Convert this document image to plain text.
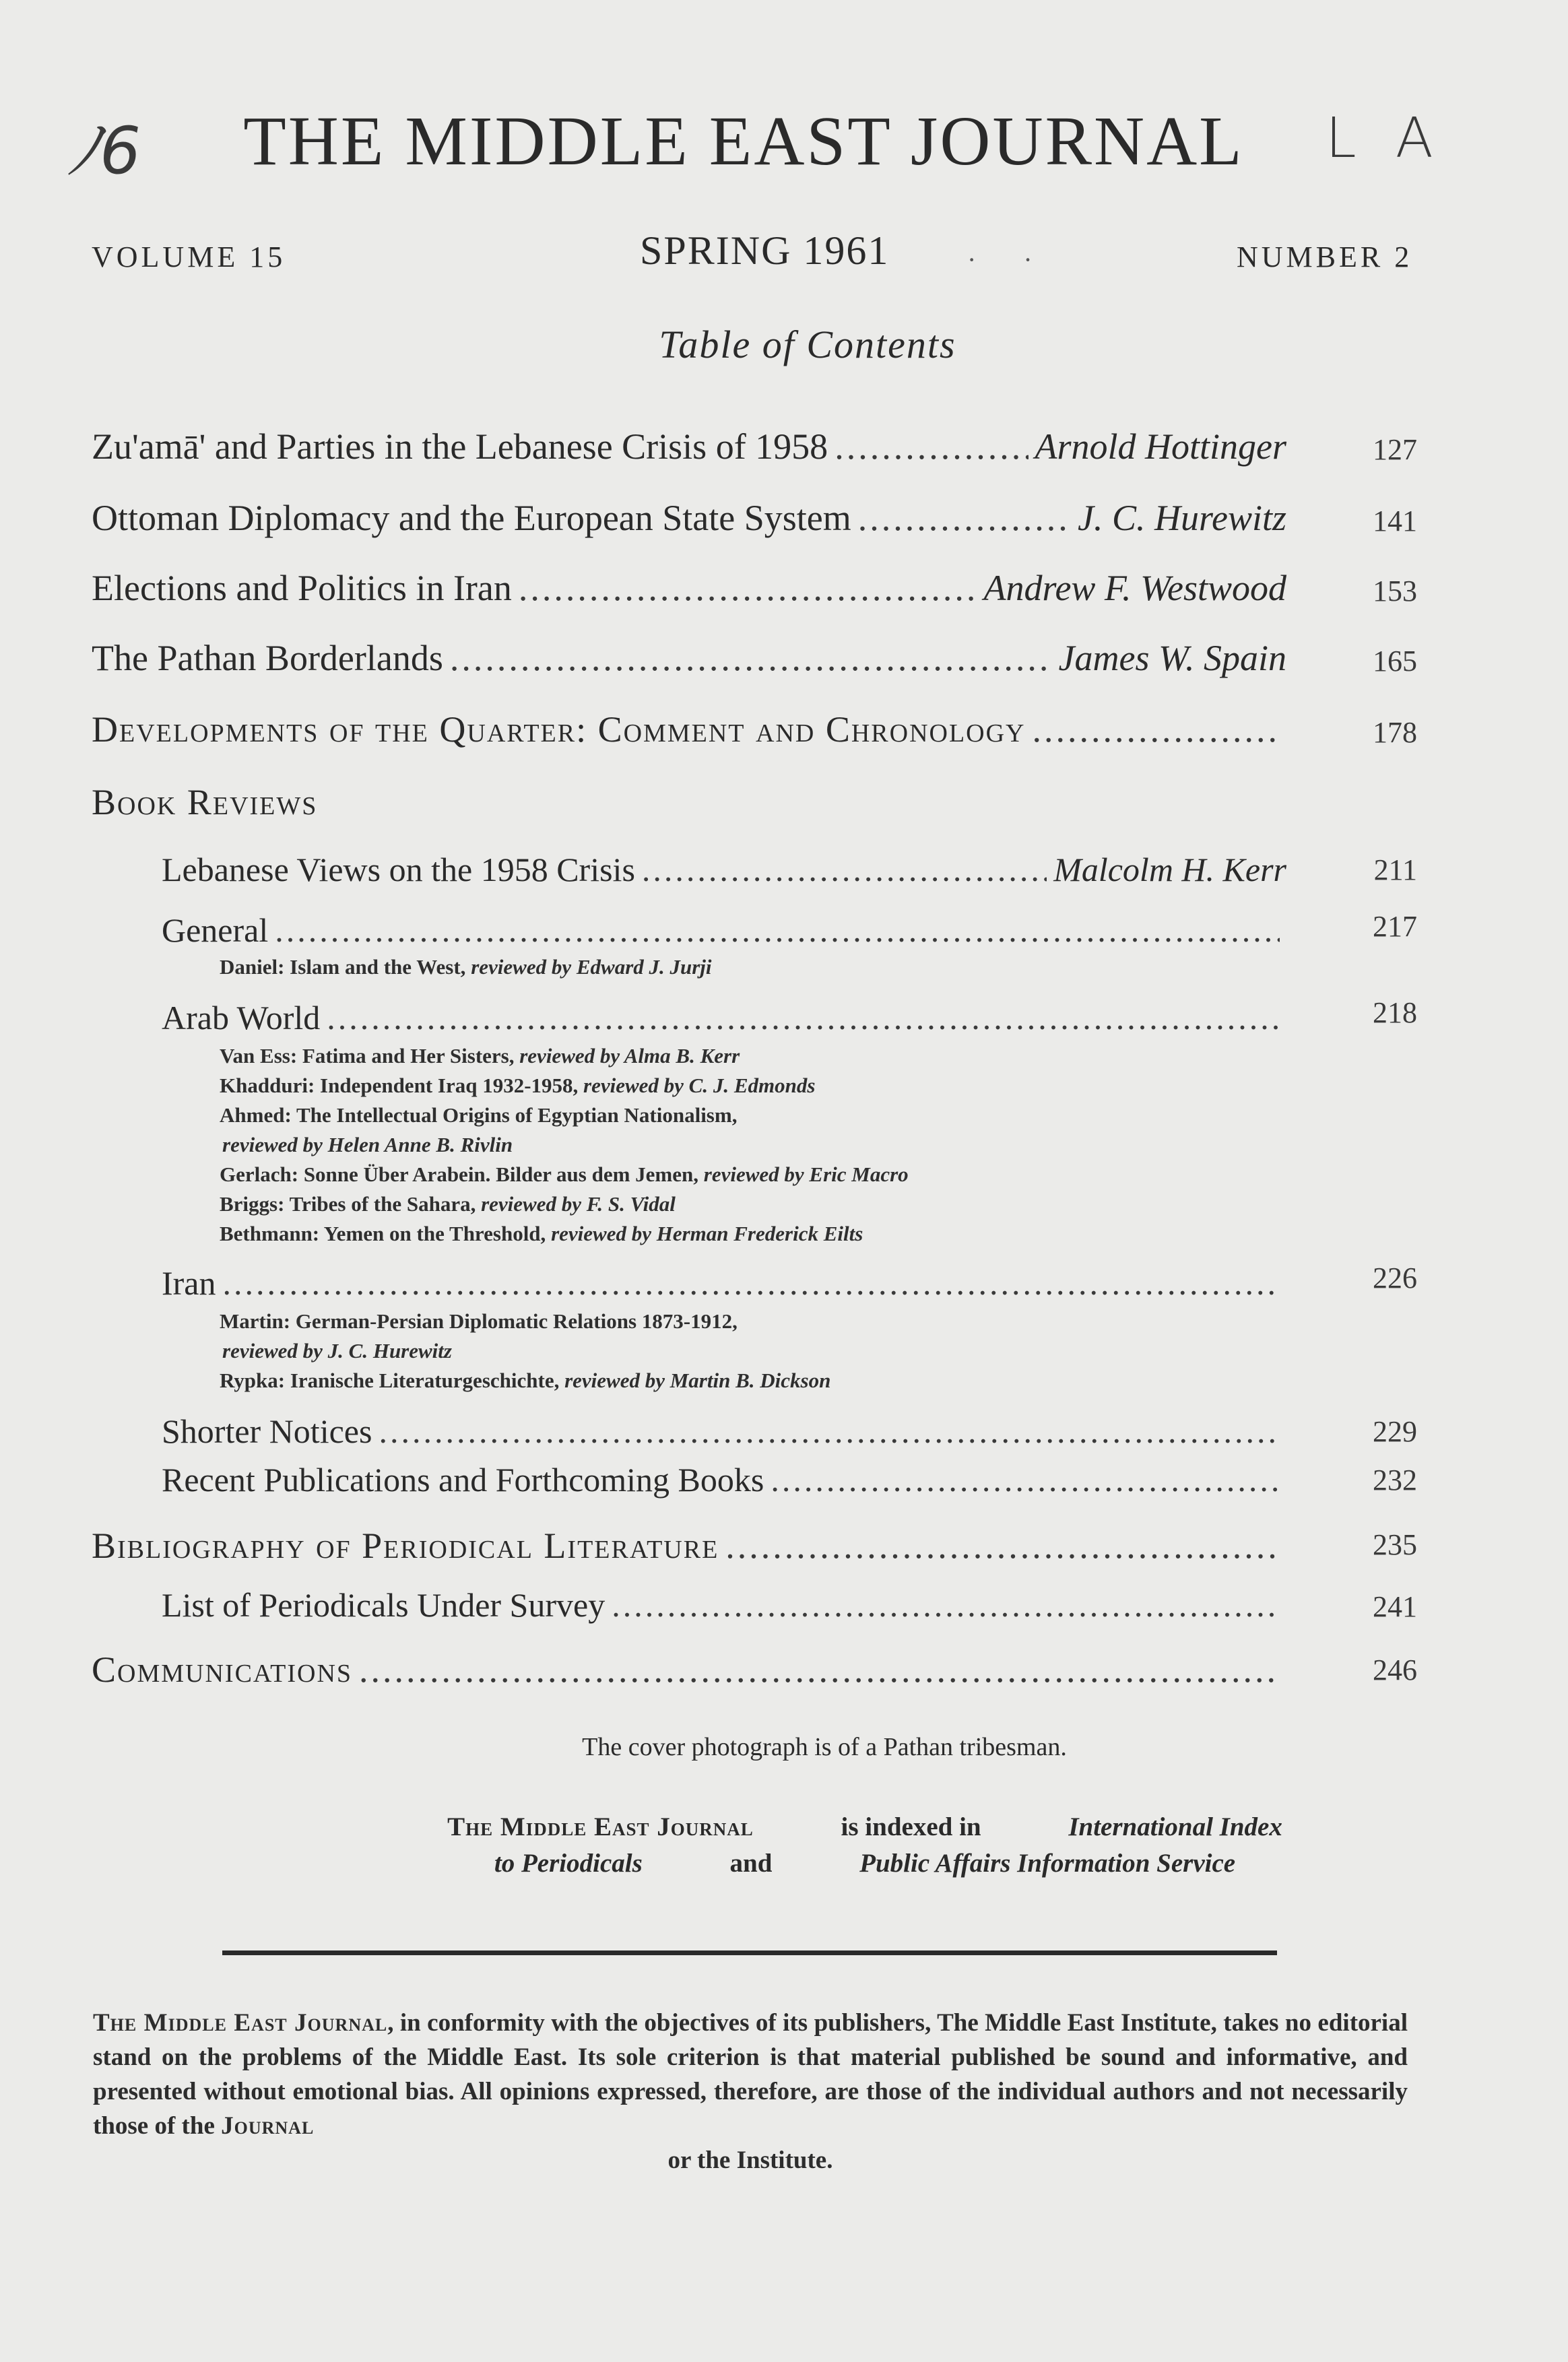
ﾉ6	L A
THE MIDDLE EAST JOURNAL
VOLUME 15	SPRING 1961	··	NUMBER 2
Table of Contents
Zu'amā' and Parties in the Lebanese Crisis of 1958 .....	Arnold Hottinger	127
Ottoman Diplomacy and the European State System .....	J. C. Hurewitz	141
Elections and Politics in Iran .....	Andrew F. Westwood	153
The Pathan Borderlands .....	James W. Spain	165
Developments of the Quarter: Comment and Chronology .....	178
Book Reviews
Lebanese Views on the 1958 Crisis .....	Malcolm H. Kerr	211
General .....	217
Daniel: Islam and the West, reviewed by Edward J. Jurji
Arab World .....	218
Van Ess: Fatima and Her Sisters, reviewed by Alma B. Kerr
Khadduri: Independent Iraq 1932-1958, reviewed by C. J. Edmonds
Ahmed: The Intellectual Origins of Egyptian Nationalism,
reviewed by Helen Anne B. Rivlin
Gerlach: Sonne Über Arabein. Bilder aus dem Jemen, reviewed by Eric Macro
Briggs: Tribes of the Sahara, reviewed by F. S. Vidal
Bethmann: Yemen on the Threshold, reviewed by Herman Frederick Eilts
Iran .....	226
Martin: German-Persian Diplomatic Relations 1873-1912,
reviewed by J. C. Hurewitz
Rypka: Iranische Literaturgeschichte, reviewed by Martin B. Dickson
Shorter Notices .....	229
Recent Publications and Forthcoming Books .....	232
Bibliography of Periodical Literature .....	235
List of Periodicals Under Survey .....	241
Communications .....	246
The cover photograph is of a Pathan tribesman.
The Middle East Journal	is indexed in	International Index
to Periodicals	and	Public Affairs Information Service
The Middle East Journal, in conformity with the objectives of its publishers, The Middle East Institute, takes no editorial stand on the problems of the Middle East. Its sole criterion is that material published be sound and informative, and presented without emotional bias. All opinions expressed, therefore, are those of the individual authors and not necessarily those of the Journal
or the Institute.
